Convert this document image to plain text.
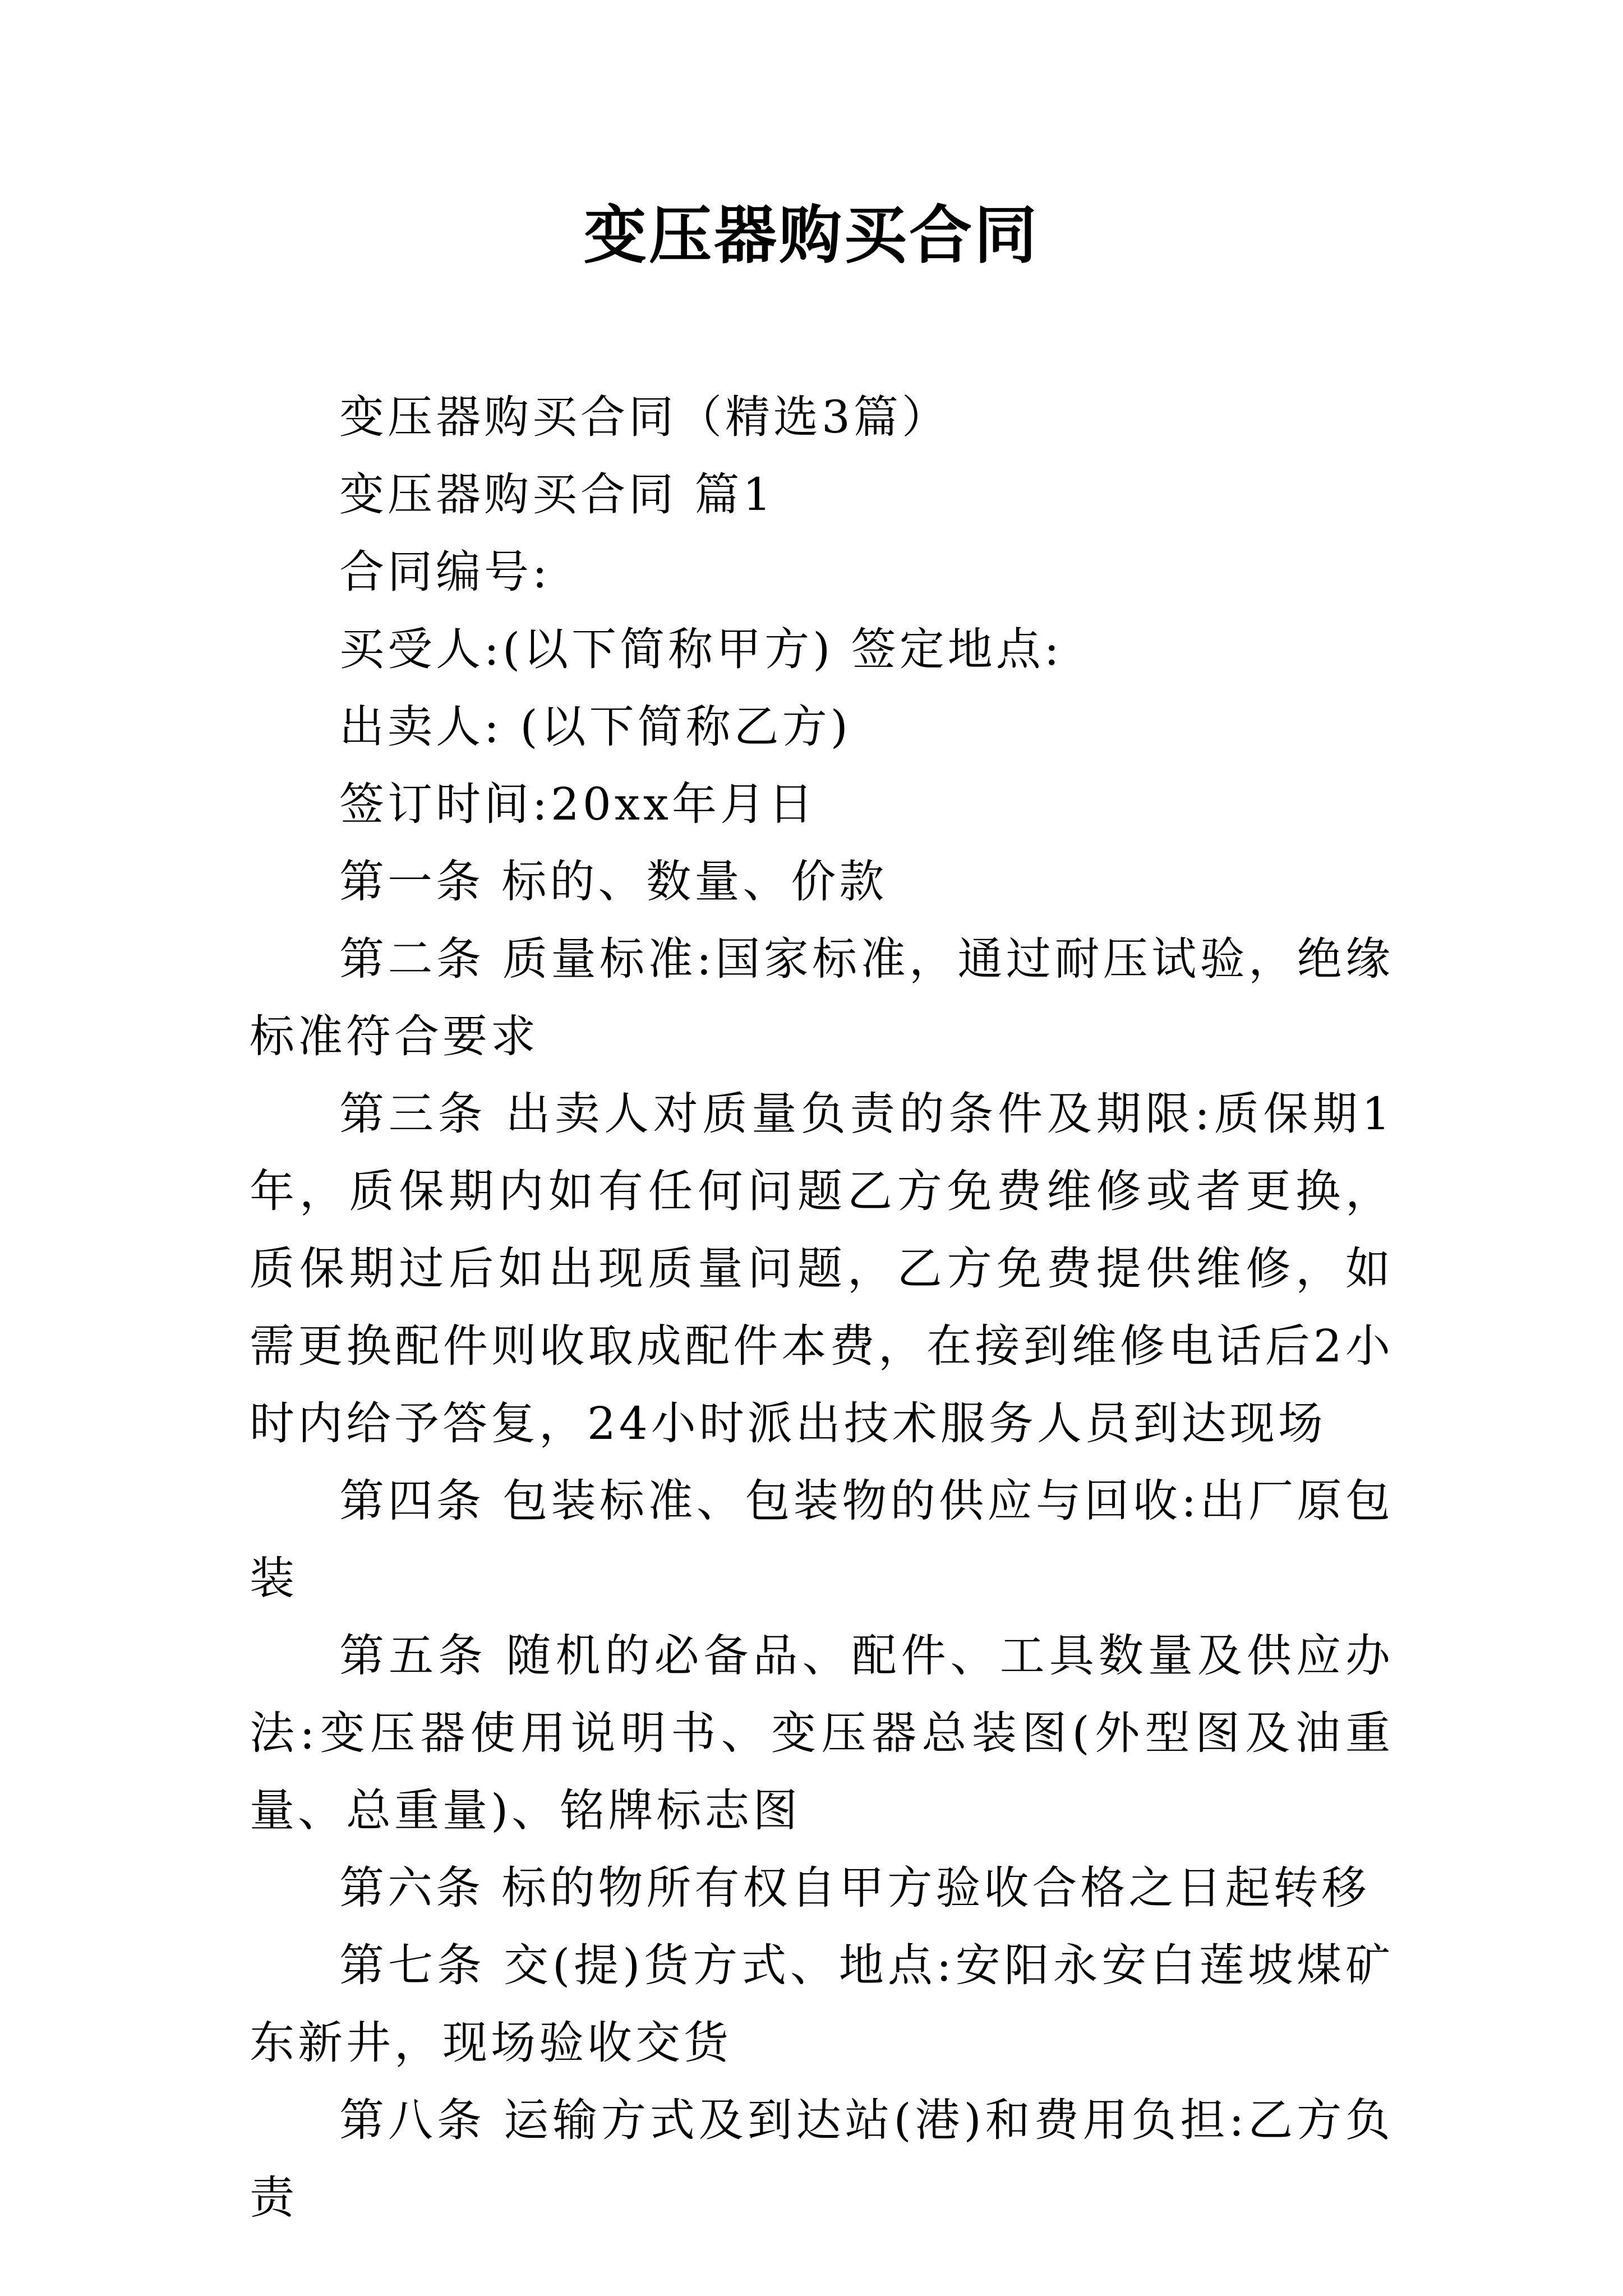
变压器购买合同

变压器购买合同（精选3篇）

变压器购买合同 篇1

合同编号:

买受人:(以下简称甲方) 签定地点:

出卖人: (以下简称乙方)

签订时间:20xx年月日

第一条 标的、数量、价款

第二条 质量标准:国家标准，通过耐压试验，绝缘标准符合要求

第三条 出卖人对质量负责的条件及期限:质保期1年，质保期内如有任何问题乙方免费维修或者更换，质保期过后如出现质量问题，乙方免费提供维修，如需更换配件则收取成配件本费，在接到维修电话后2小时内给予答复，24小时派出技术服务人员到达现场

第四条 包装标准、包装物的供应与回收:出厂原包装

第五条 随机的必备品、配件、工具数量及供应办法:变压器使用说明书、变压器总装图(外型图及油重量、总重量)、铭牌标志图

第六条 标的物所有权自甲方验收合格之日起转移

第七条 交(提)货方式、地点:安阳永安白莲坡煤矿东新井，现场验收交货

第八条 运输方式及到达站(港)和费用负担:乙方负责
